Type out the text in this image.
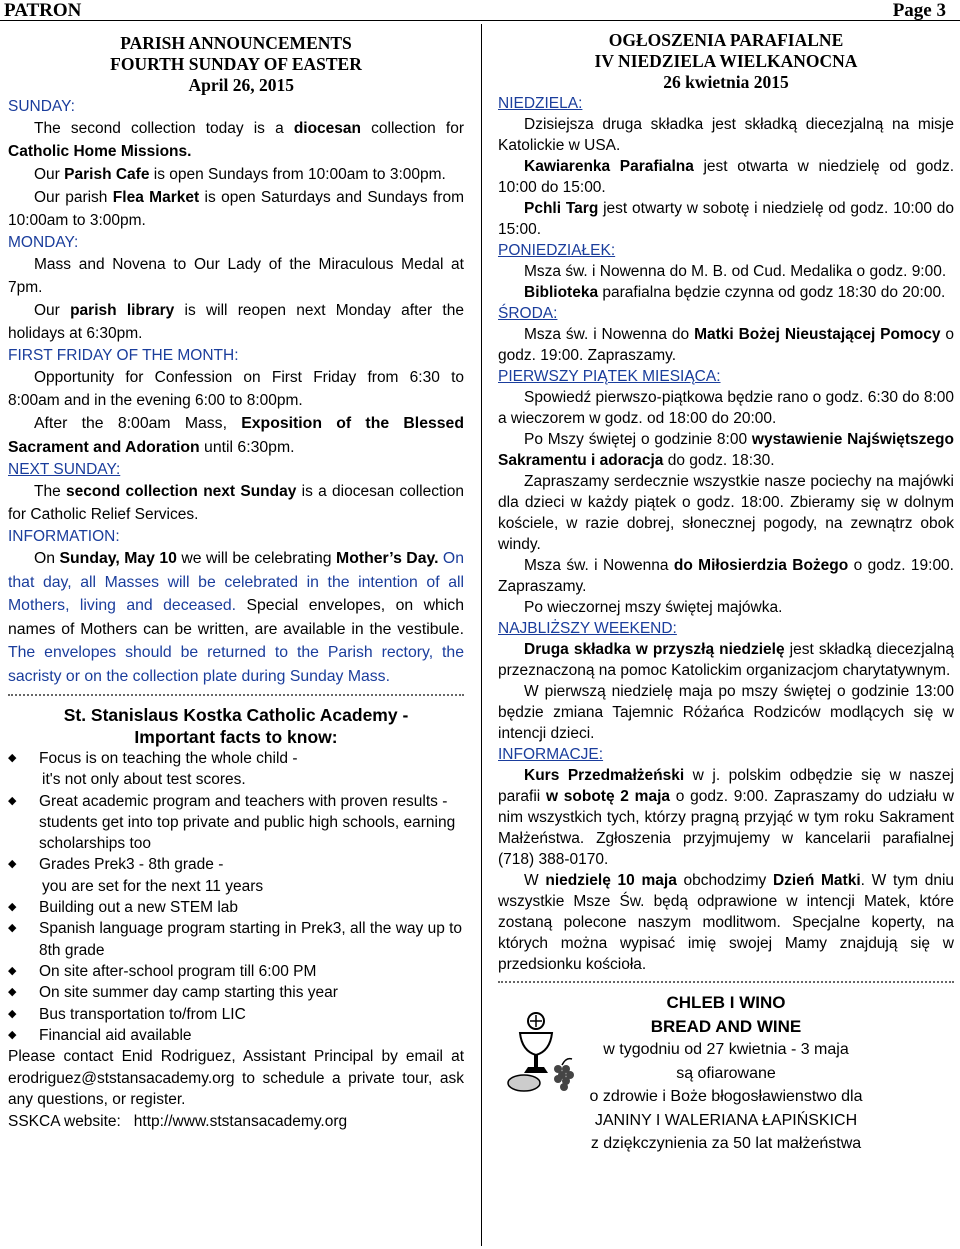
PATRON	Page 3
PARISH ANNOUNCEMENTS
FOURTH SUNDAY OF EASTER
April 26, 2015
SUNDAY:

The second collection today is a diocesan collection for Catholic Home Missions.

Our Parish Cafe is open Sundays from 10:00am to 3:00pm.

Our parish Flea Market is open Saturdays and Sundays from 10:00am to 3:00pm.

MONDAY:

Mass and Novena to Our Lady of the Miraculous Medal at 7pm.

Our parish library is will reopen next Monday after the holidays at 6:30pm.

FIRST FRIDAY OF THE MONTH:

Opportunity for Confession on First Friday from 6:30 to 8:00am and in the evening 6:00 to 8:00pm.

After the 8:00am Mass, Exposition of the Blessed Sacrament and Adoration until 6:30pm.

NEXT SUNDAY:

The second collection next Sunday is a diocesan collection for Catholic Relief Services.

INFORMATION:

On Sunday, May 10 we will be celebrating Mother’s Day. On that day, all Masses will be celebrated in the intention of all Mothers, living and deceased. Special envelopes, on which names of Mothers can be written, are available in the vestibule. The envelopes should be returned to the Parish rectory, the sacristy or on the collection plate during Sunday Mass.

St. Stanislaus Kostka Catholic Academy -
Important facts to know:
◆ Focus is on teaching the whole child -
it's not only about test scores.
◆ Great academic program and teachers with proven results - students get into top private and public high schools, earning scholarships too
◆ Grades Prek3 - 8th grade -
you are set for the next 11 years
◆ Building out a new STEM lab
◆ Spanish language program starting in Prek3, all the way up to 8th grade
◆ On site after-school program till 6:00 PM
◆ On site summer day camp starting this year
◆ Bus transportation to/from LIC
◆ Financial aid available

Please contact Enid Rodriguez, Assistant Principal by email at erodriguez@ststansacademy.org to schedule a private tour, ask any questions, or register.

SSKCA website: http://www.ststansacademy.org

OGŁOSZENIA PARAFIALNE
IV NIEDZIELA WIELKANOCNA
26 kwietnia 2015
NIEDZIELA:

Dzisiejsza druga składka jest składką diecezjalną na misje Katolickie w USA.

Kawiarenka Parafialna jest otwarta w niedzielę od godz. 10:00 do 15:00.

Pchli Targ jest otwarty w sobotę i niedzielę od godz. 10:00 do 15:00.

PONIEDZIAŁEK:

Msza św. i Nowenna do M. B. od Cud. Medalika o godz. 9:00.

Biblioteka parafialna będzie czynna od godz 18:30 do 20:00.

ŚRODA:

Msza św. i Nowenna do Matki Bożej Nieustającej Pomocy o godz. 19:00. Zapraszamy.

PIERWSZY PIĄTEK MIESIĄCA:

Spowiedź pierwszo-piątkowa będzie rano o godz. 6:30 do 8:00 a wieczorem w godz. od 18:00 do 20:00.

Po Mszy świętej o godzinie 8:00 wystawienie Najświętszego Sakramentu i adoracja do godz. 18:30.

Zapraszamy serdecznie wszystkie nasze pociechy na majówki dla dzieci w każdy piątek o godz. 18:00. Zbieramy się w dolnym kościele, w razie dobrej, słonecznej pogody, na zewnątrz obok windy.

Msza św. i Nowenna do Miłosierdzia Bożego o godz. 19:00. Zapraszamy.

Po wieczornej mszy świętej majówka.

NAJBLIŻSZY WEEKEND:

Druga składka w przyszłą niedzielę jest składką diecezjalną przeznaczoną na pomoc Katolickim organizacjom charytatywnym.

W pierwszą niedzielę maja po mszy świętej o godzinie 13:00 będzie zmiana Tajemnic Różańca Rodziców modlących się w intencji dzieci.

INFORMACJE:

Kurs Przedmałżeński w j. polskim odbędzie się w naszej parafii w sobotę 2 maja o godz. 9:00. Zapraszamy do udziału w nim wszystkich tych, którzy pragną przyjąć w tym roku Sakrament Małżeństwa. Zgłoszenia przyjmujemy w kancelarii parafialnej (718) 388-0170.

W niedzielę 10 maja obchodzimy Dzień Matki. W tym dniu wszystkie Msze Św. będą odprawione w intencji Matek, które zostaną polecone naszym modlitwom. Specjalne koperty, na których można wypisać imię swojej Mamy znajdują się w przedsionku kościoła.

CHLEB I WINO
BREAD AND WINE
w tygodniu od 27 kwietnia - 3 maja
są ofiarowane
o zdrowie i Boże błogosławienstwo dla
JANINY I WALERIANA ŁAPIŃSKICH
z dziękczynienia za 50 lat małżeństwa
